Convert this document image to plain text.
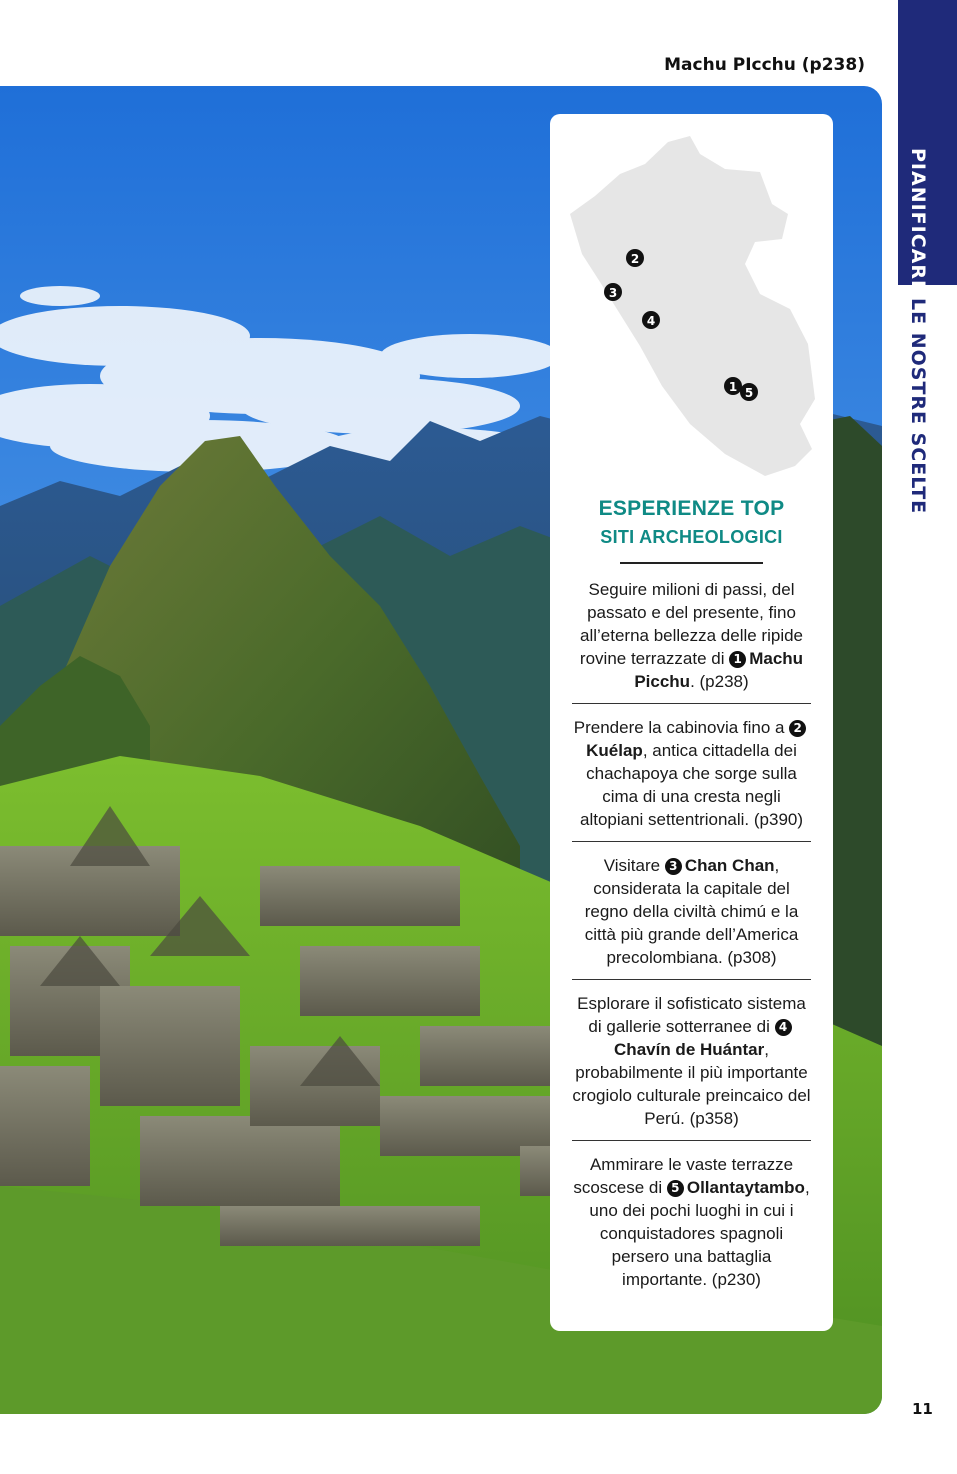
Machu PIcchu (p238)
PIANIFICARE
LE NOSTRE SCELTE
2
3
4
1 5
ESPERIENZE TOP
SITI ARCHEOLOGICI
Seguire milioni di passi, del passato e del presente, fino all’eterna bellezza delle ripide rovine terrazzate di 1 Machu Picchu. (p238)
Prendere la cabinovia fino a 2Kuélap, antica cittadella dei chachapoya che sorge sulla cima di una cresta negli altopiani settentrionali. (p390)
Visitare 3 Chan Chan, considerata la capitale del regno della civiltà chimú e la città più grande dell’America precolombiana. (p308)
Esplorare il sofisticato sistema di gallerie sotterranee di 4Chavín de Huántar, probabilmente il più importante crogiolo culturale preincaico del Perú. (p358)
Ammirare le vaste terrazze scoscese di 5 Ollantaytambo, uno dei pochi luoghi in cui i conquistadores spagnoli persero una battaglia importante. (p230)
11
